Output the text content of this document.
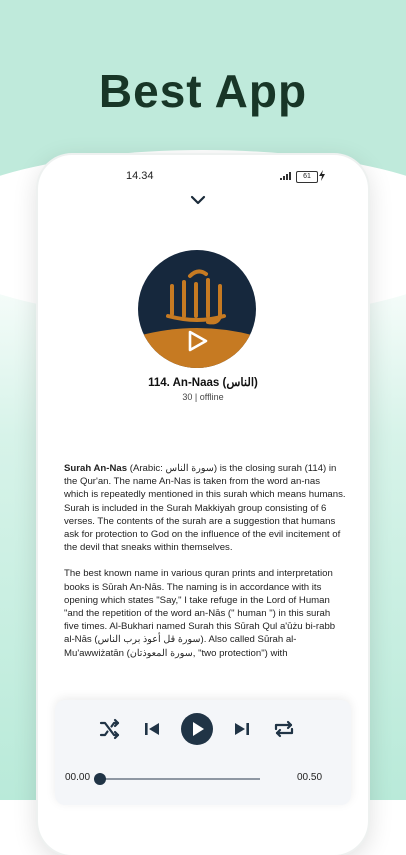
Best App
14.34	61
114. An-Naas (الناس)
30 | offline

Surah An-Nas (Arabic: سورة الناس) is the closing surah (114) in the Qur'an. The name An-Nas is taken from the word an-nas which is repeatedly mentioned in this surah which means humans. Surah is included in the Surah Makkiyah group consisting of 6 verses. The contents of the surah are a suggestion that humans ask for protection to God on the influence of the evil incitement of the devil that sneaks within themselves.

The best known name in various quran prints and interpretation books is Sūrah An-Nās. The naming is in accordance with its opening which states "Say," I take refuge in the Lord of Human "and the repetition of the word an-Nās (" human ") in this surah five times. Al-Bukhari named Surah this Sūrah Qul a'ūżu bi-rabb al-Nās (سورة قل أعوذ برب الناس). Also called Sūrah al-Mu'awwiżatān (سورة المعوذتان, "two protection") with

00.00	00.50
